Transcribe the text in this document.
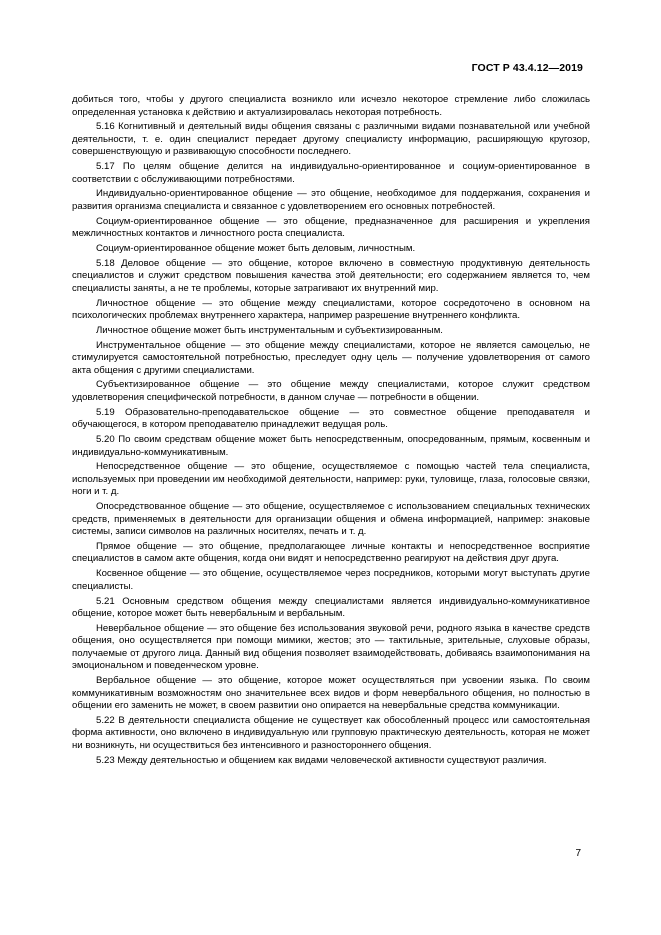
ГОСТ Р 43.4.12—2019

добиться того, чтобы у другого специалиста возникло или исчезло некоторое стремление либо сложилась определенная установка к действию и актуализировалась некоторая потребность.

5.16 Когнитивный и деятельный виды общения связаны с различными видами познавательной или учебной деятельности, т. е. один специалист передает другому специалисту информацию, расширяющую кругозор, совершенствующую и развивающую способности последнего.

5.17 По целям общение делится на индивидуально-ориентированное и социум-ориентированное в соответствии с обслуживающими потребностями.

Индивидуально-ориентированное общение — это общение, необходимое для поддержания, сохранения и развития организма специалиста и связанное с удовлетворением его основных потребностей.

Социум-ориентированное общение — это общение, предназначенное для расширения и укрепления межличностных контактов и личностного роста специалиста.

Социум-ориентированное общение может быть деловым, личностным.

5.18 Деловое общение — это общение, которое включено в совместную продуктивную деятельность специалистов и служит средством повышения качества этой деятельности; его содержанием является то, чем специалисты заняты, а не те проблемы, которые затрагивают их внутренний мир.

Личностное общение — это общение между специалистами, которое сосредоточено в основном на психологических проблемах внутреннего характера, например разрешение внутреннего конфликта.

Личностное общение может быть инструментальным и субъектизированным.

Инструментальное общение — это общение между специалистами, которое не является самоцелью, не стимулируется самостоятельной потребностью, преследует одну цель — получение удовлетворения от самого акта общения с другими специалистами.

Субъектизированное общение — это общение между специалистами, которое служит средством удовлетворения специфической потребности, в данном случае — потребности в общении.

5.19 Образовательно-преподавательское общение — это совместное общение преподавателя и обучающегося, в котором преподавателю принадлежит ведущая роль.

5.20 По своим средствам общение может быть непосредственным, опосредованным, прямым, косвенным и индивидуально-коммуникативным.

Непосредственное общение — это общение, осуществляемое с помощью частей тела специалиста, используемых при проведении им необходимой деятельности, например: руки, туловище, глаза, голосовые связки, ноги и т. д.

Опосредствованное общение — это общение, осуществляемое с использованием специальных технических средств, применяемых в деятельности для организации общения и обмена информацией, например: знаковые системы, записи символов на различных носителях, печать и т. д.

Прямое общение — это общение, предполагающее личные контакты и непосредственное восприятие специалистов в самом акте общения, когда они видят и непосредственно реагируют на действия друг друга.

Косвенное общение — это общение, осуществляемое через посредников, которыми могут выступать другие специалисты.

5.21 Основным средством общения между специалистами является индивидуально-коммуникативное общение, которое может быть невербальным и вербальным.

Невербальное общение — это общение без использования звуковой речи, родного языка в качестве средств общения, оно осуществляется при помощи мимики, жестов; это — тактильные, зрительные, слуховые образы, получаемые от другого лица. Данный вид общения позволяет взаимодействовать, добиваясь взаимопонимания на эмоциональном и поведенческом уровне.

Вербальное общение — это общение, которое может осуществляться при усвоении языка. По своим коммуникативным возможностям оно значительнее всех видов и форм невербального общения, но полностью в общении его заменить не может, в своем развитии оно опирается на невербальные средства коммуникации.

5.22 В деятельности специалиста общение не существует как обособленный процесс или самостоятельная форма активности, оно включено в индивидуальную или групповую практическую деятельность, которая не может ни возникнуть, ни осуществиться без интенсивного и разностороннего общения.

5.23 Между деятельностью и общением как видами человеческой активности существуют различия.

7
